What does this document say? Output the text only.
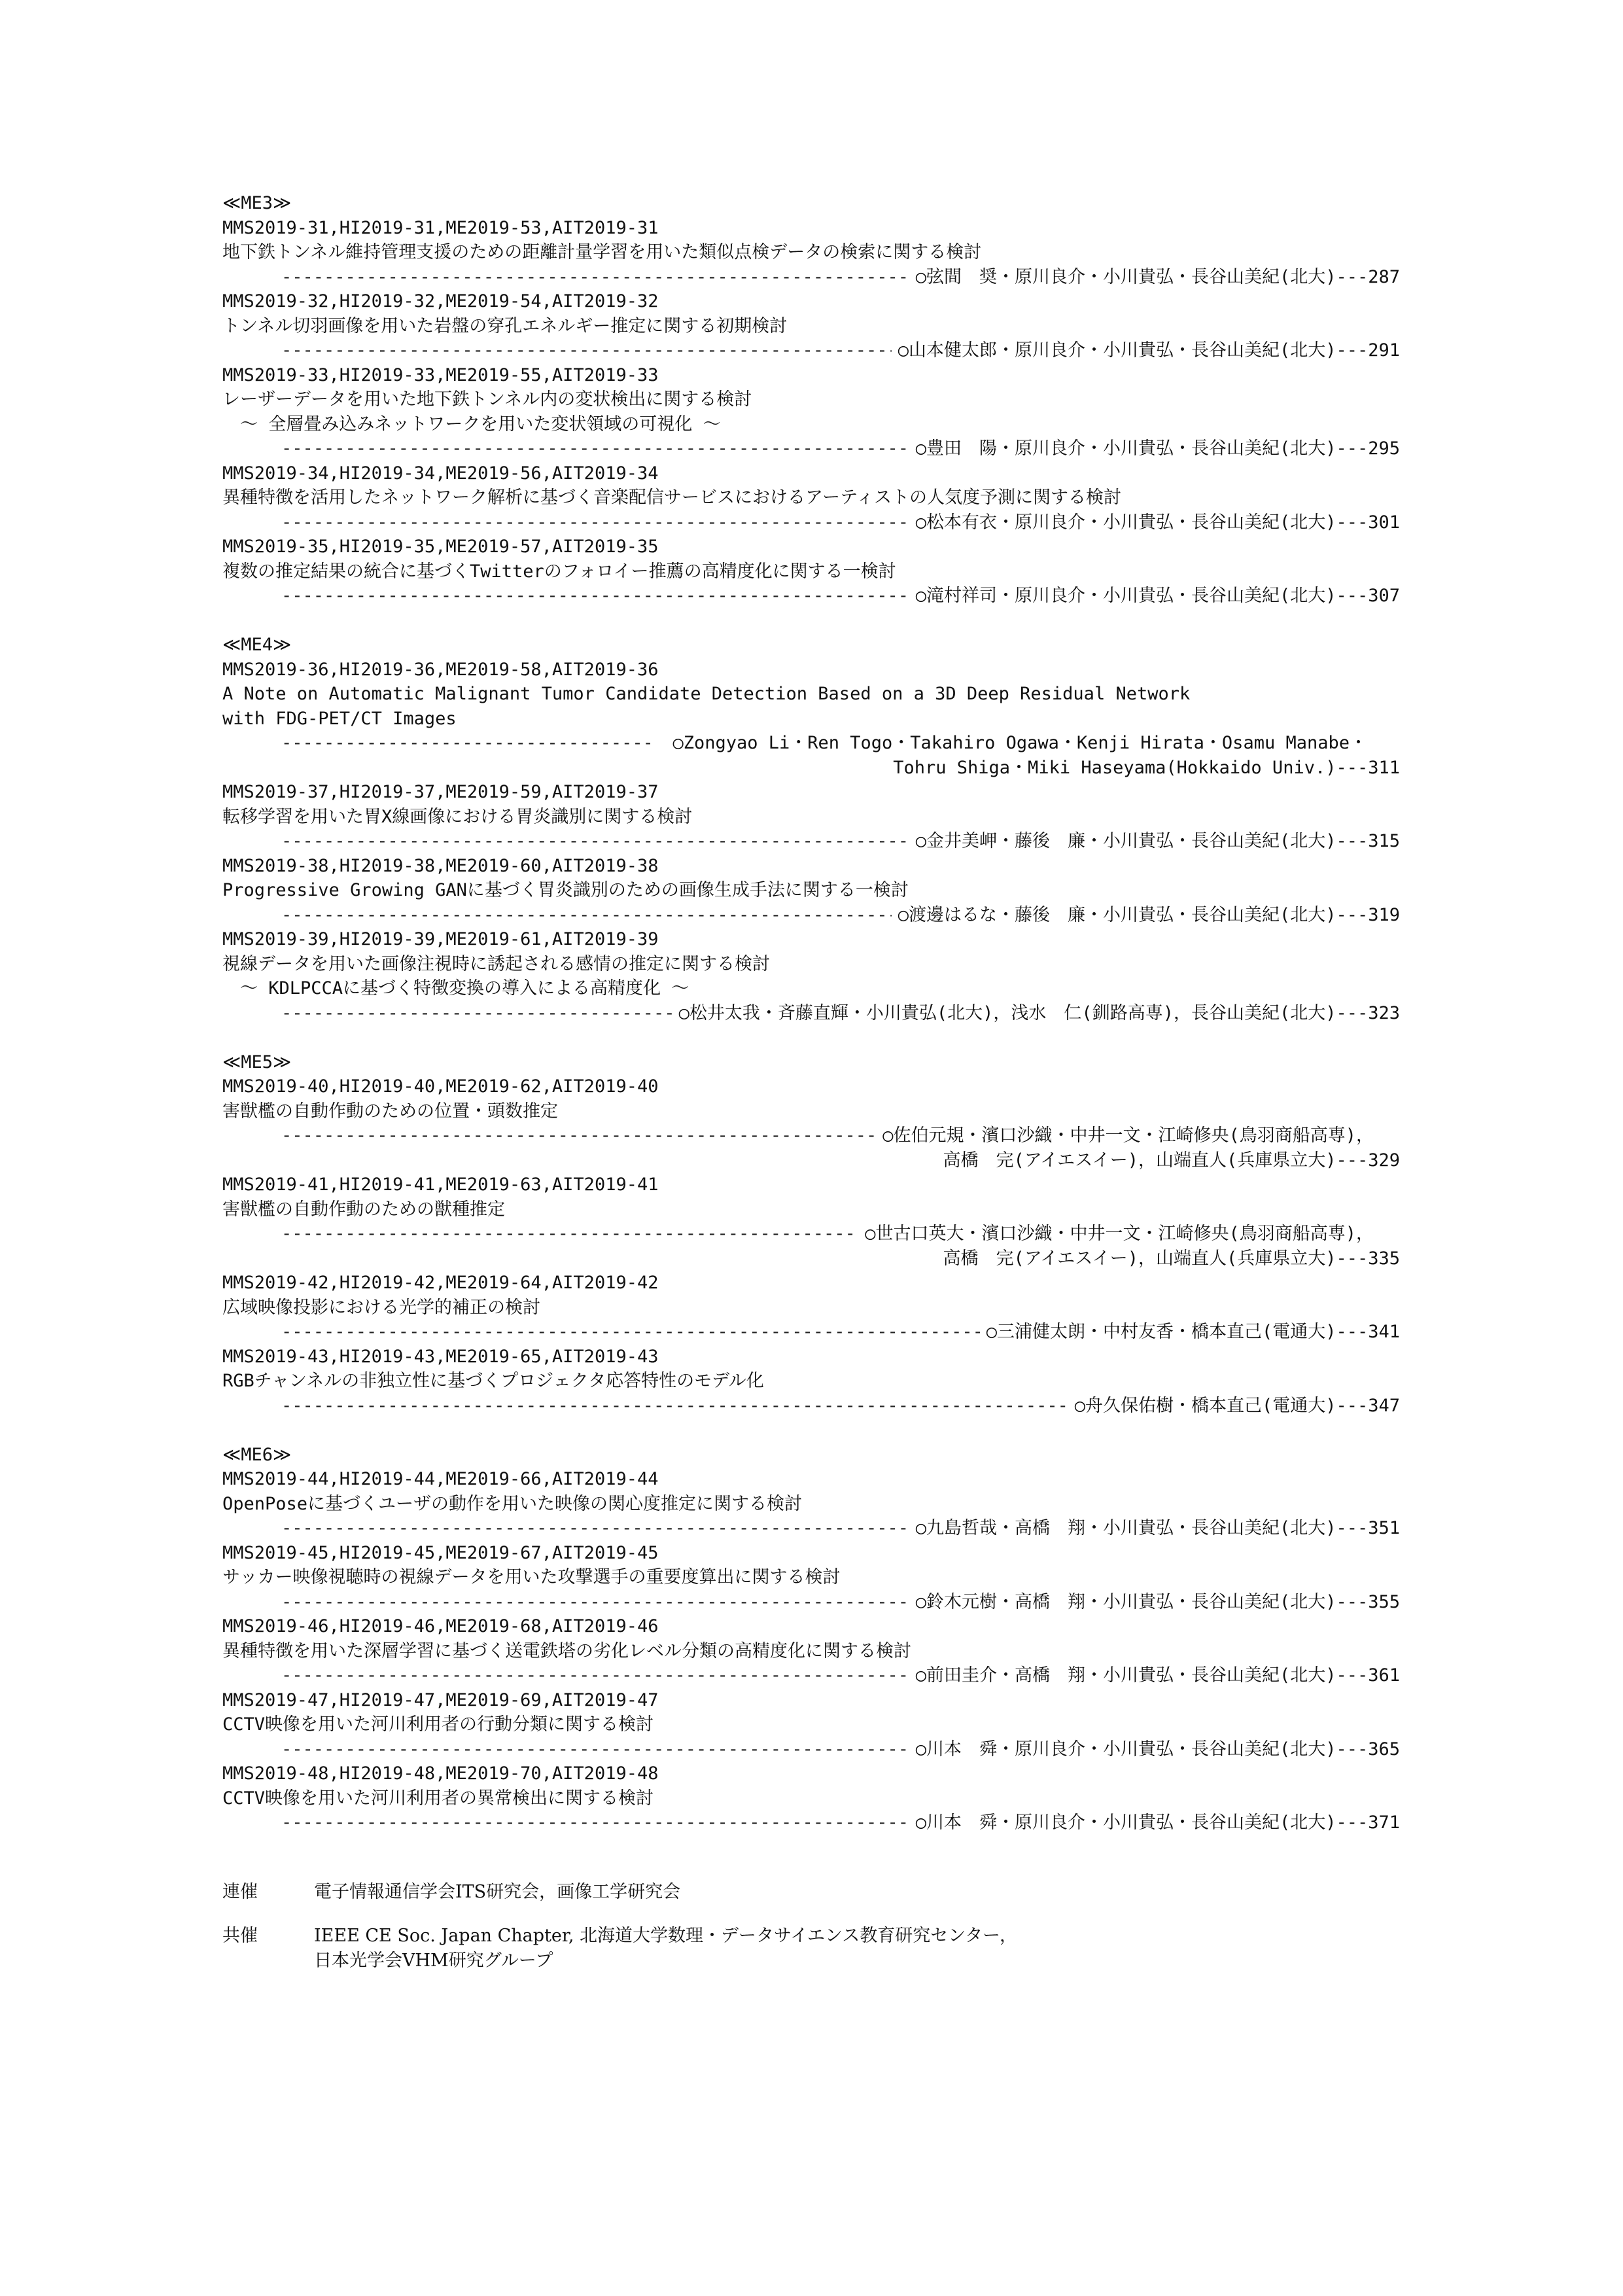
≪ME3≫
MMS2019-31,HI2019-31,ME2019-53,AIT2019-31
地下鉄トンネル維持管理支援のための距離計量学習を用いた類似点検データの検索に関する検討
-----
○弦間　奨・原川良介・小川貴弘・長谷山美紀(北大)---287
MMS2019-32,HI2019-32,ME2019-54,AIT2019-32
トンネル切羽画像を用いた岩盤の穿孔エネルギー推定に関する初期検討
-----
○山本健太郎・原川良介・小川貴弘・長谷山美紀(北大)---291
MMS2019-33,HI2019-33,ME2019-55,AIT2019-33
レーザーデータを用いた地下鉄トンネル内の変状検出に関する検討
　～ 全層畳み込みネットワークを用いた変状領域の可視化 ～
-----
○豊田　陽・原川良介・小川貴弘・長谷山美紀(北大)---295
MMS2019-34,HI2019-34,ME2019-56,AIT2019-34
異種特徴を活用したネットワーク解析に基づく音楽配信サービスにおけるアーティストの人気度予測に関する検討
-----
○松本有衣・原川良介・小川貴弘・長谷山美紀(北大)---301
MMS2019-35,HI2019-35,ME2019-57,AIT2019-35
複数の推定結果の統合に基づくTwitterのフォロイー推薦の高精度化に関する一検討
-----
○滝村祥司・原川良介・小川貴弘・長谷山美紀(北大)---307
≪ME4≫
MMS2019-36,HI2019-36,ME2019-58,AIT2019-36
A Note on Automatic Malignant Tumor Candidate Detection Based on a 3D Deep Residual Network
with FDG-PET/CT Images
-----
○Zongyao Li・Ren Togo・Takahiro Ogawa・Kenji Hirata・Osamu Manabe・
Tohru Shiga・Miki Haseyama(Hokkaido Univ.)---311
MMS2019-37,HI2019-37,ME2019-59,AIT2019-37
転移学習を用いた胃X線画像における胃炎識別に関する検討
-----
○金井美岬・藤後　廉・小川貴弘・長谷山美紀(北大)---315
MMS2019-38,HI2019-38,ME2019-60,AIT2019-38
Progressive Growing GANに基づく胃炎識別のための画像生成手法に関する一検討
-----
○渡邊はるな・藤後　廉・小川貴弘・長谷山美紀(北大)---319
MMS2019-39,HI2019-39,ME2019-61,AIT2019-39
視線データを用いた画像注視時に誘起される感情の推定に関する検討
　～ KDLPCCAに基づく特徴変換の導入による高精度化 ～
-----
○松井太我・斉藤直輝・小川貴弘(北大)，浅水　仁(釧路高専)，長谷山美紀(北大)---323
≪ME5≫
MMS2019-40,HI2019-40,ME2019-62,AIT2019-40
害獣檻の自動作動のための位置・頭数推定
-----
○佐伯元規・濱口沙織・中井一文・江崎修央(鳥羽商船高専)，
高橋　完(アイエスイー)，山端直人(兵庫県立大)---329
MMS2019-41,HI2019-41,ME2019-63,AIT2019-41
害獣檻の自動作動のための獣種推定
-----
○世古口英大・濱口沙織・中井一文・江崎修央(鳥羽商船高専)，
高橋　完(アイエスイー)，山端直人(兵庫県立大)---335
MMS2019-42,HI2019-42,ME2019-64,AIT2019-42
広域映像投影における光学的補正の検討
-----
○三浦健太朗・中村友香・橋本直己(電通大)---341
MMS2019-43,HI2019-43,ME2019-65,AIT2019-43
RGBチャンネルの非独立性に基づくプロジェクタ応答特性のモデル化
-----
○舟久保佑樹・橋本直己(電通大)---347
≪ME6≫
MMS2019-44,HI2019-44,ME2019-66,AIT2019-44
OpenPoseに基づくユーザの動作を用いた映像の関心度推定に関する検討
-----
○九島哲哉・高橋　翔・小川貴弘・長谷山美紀(北大)---351
MMS2019-45,HI2019-45,ME2019-67,AIT2019-45
サッカー映像視聴時の視線データを用いた攻撃選手の重要度算出に関する検討
-----
○鈴木元樹・高橋　翔・小川貴弘・長谷山美紀(北大)---355
MMS2019-46,HI2019-46,ME2019-68,AIT2019-46
異種特徴を用いた深層学習に基づく送電鉄塔の劣化レベル分類の高精度化に関する検討
-----
○前田圭介・高橋　翔・小川貴弘・長谷山美紀(北大)---361
MMS2019-47,HI2019-47,ME2019-69,AIT2019-47
CCTV映像を用いた河川利用者の行動分類に関する検討
-----
○川本　舜・原川良介・小川貴弘・長谷山美紀(北大)---365
MMS2019-48,HI2019-48,ME2019-70,AIT2019-48
CCTV映像を用いた河川利用者の異常検出に関する検討
-----
○川本　舜・原川良介・小川貴弘・長谷山美紀(北大)---371
連催	電子情報通信学会ITS研究会，画像工学研究会
共催	IEEE CE Soc. Japan Chapter, 北海道大学数理・データサイエンス教育研究センター，
日本光学会VHM研究グループ
